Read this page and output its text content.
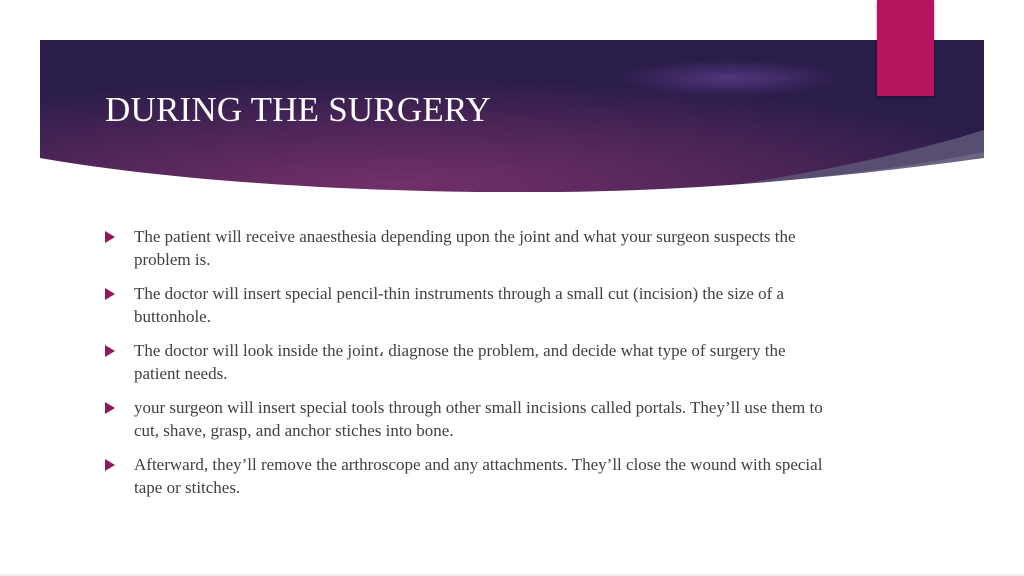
DURING THE SURGERY
The patient will receive anaesthesia depending upon the joint and what your surgeon suspects the problem is.
The doctor will insert special pencil-thin instruments through a small cut (incision) the size of a buttonhole.
The doctor will look inside the joint، diagnose the problem, and decide what type of surgery the patient needs.
your surgeon will insert special tools through other small incisions called portals. They’ll use them to cut, shave, grasp, and anchor stiches into bone.
Afterward, they’ll remove the arthroscope and any attachments. They’ll close the wound with special tape or stitches.
